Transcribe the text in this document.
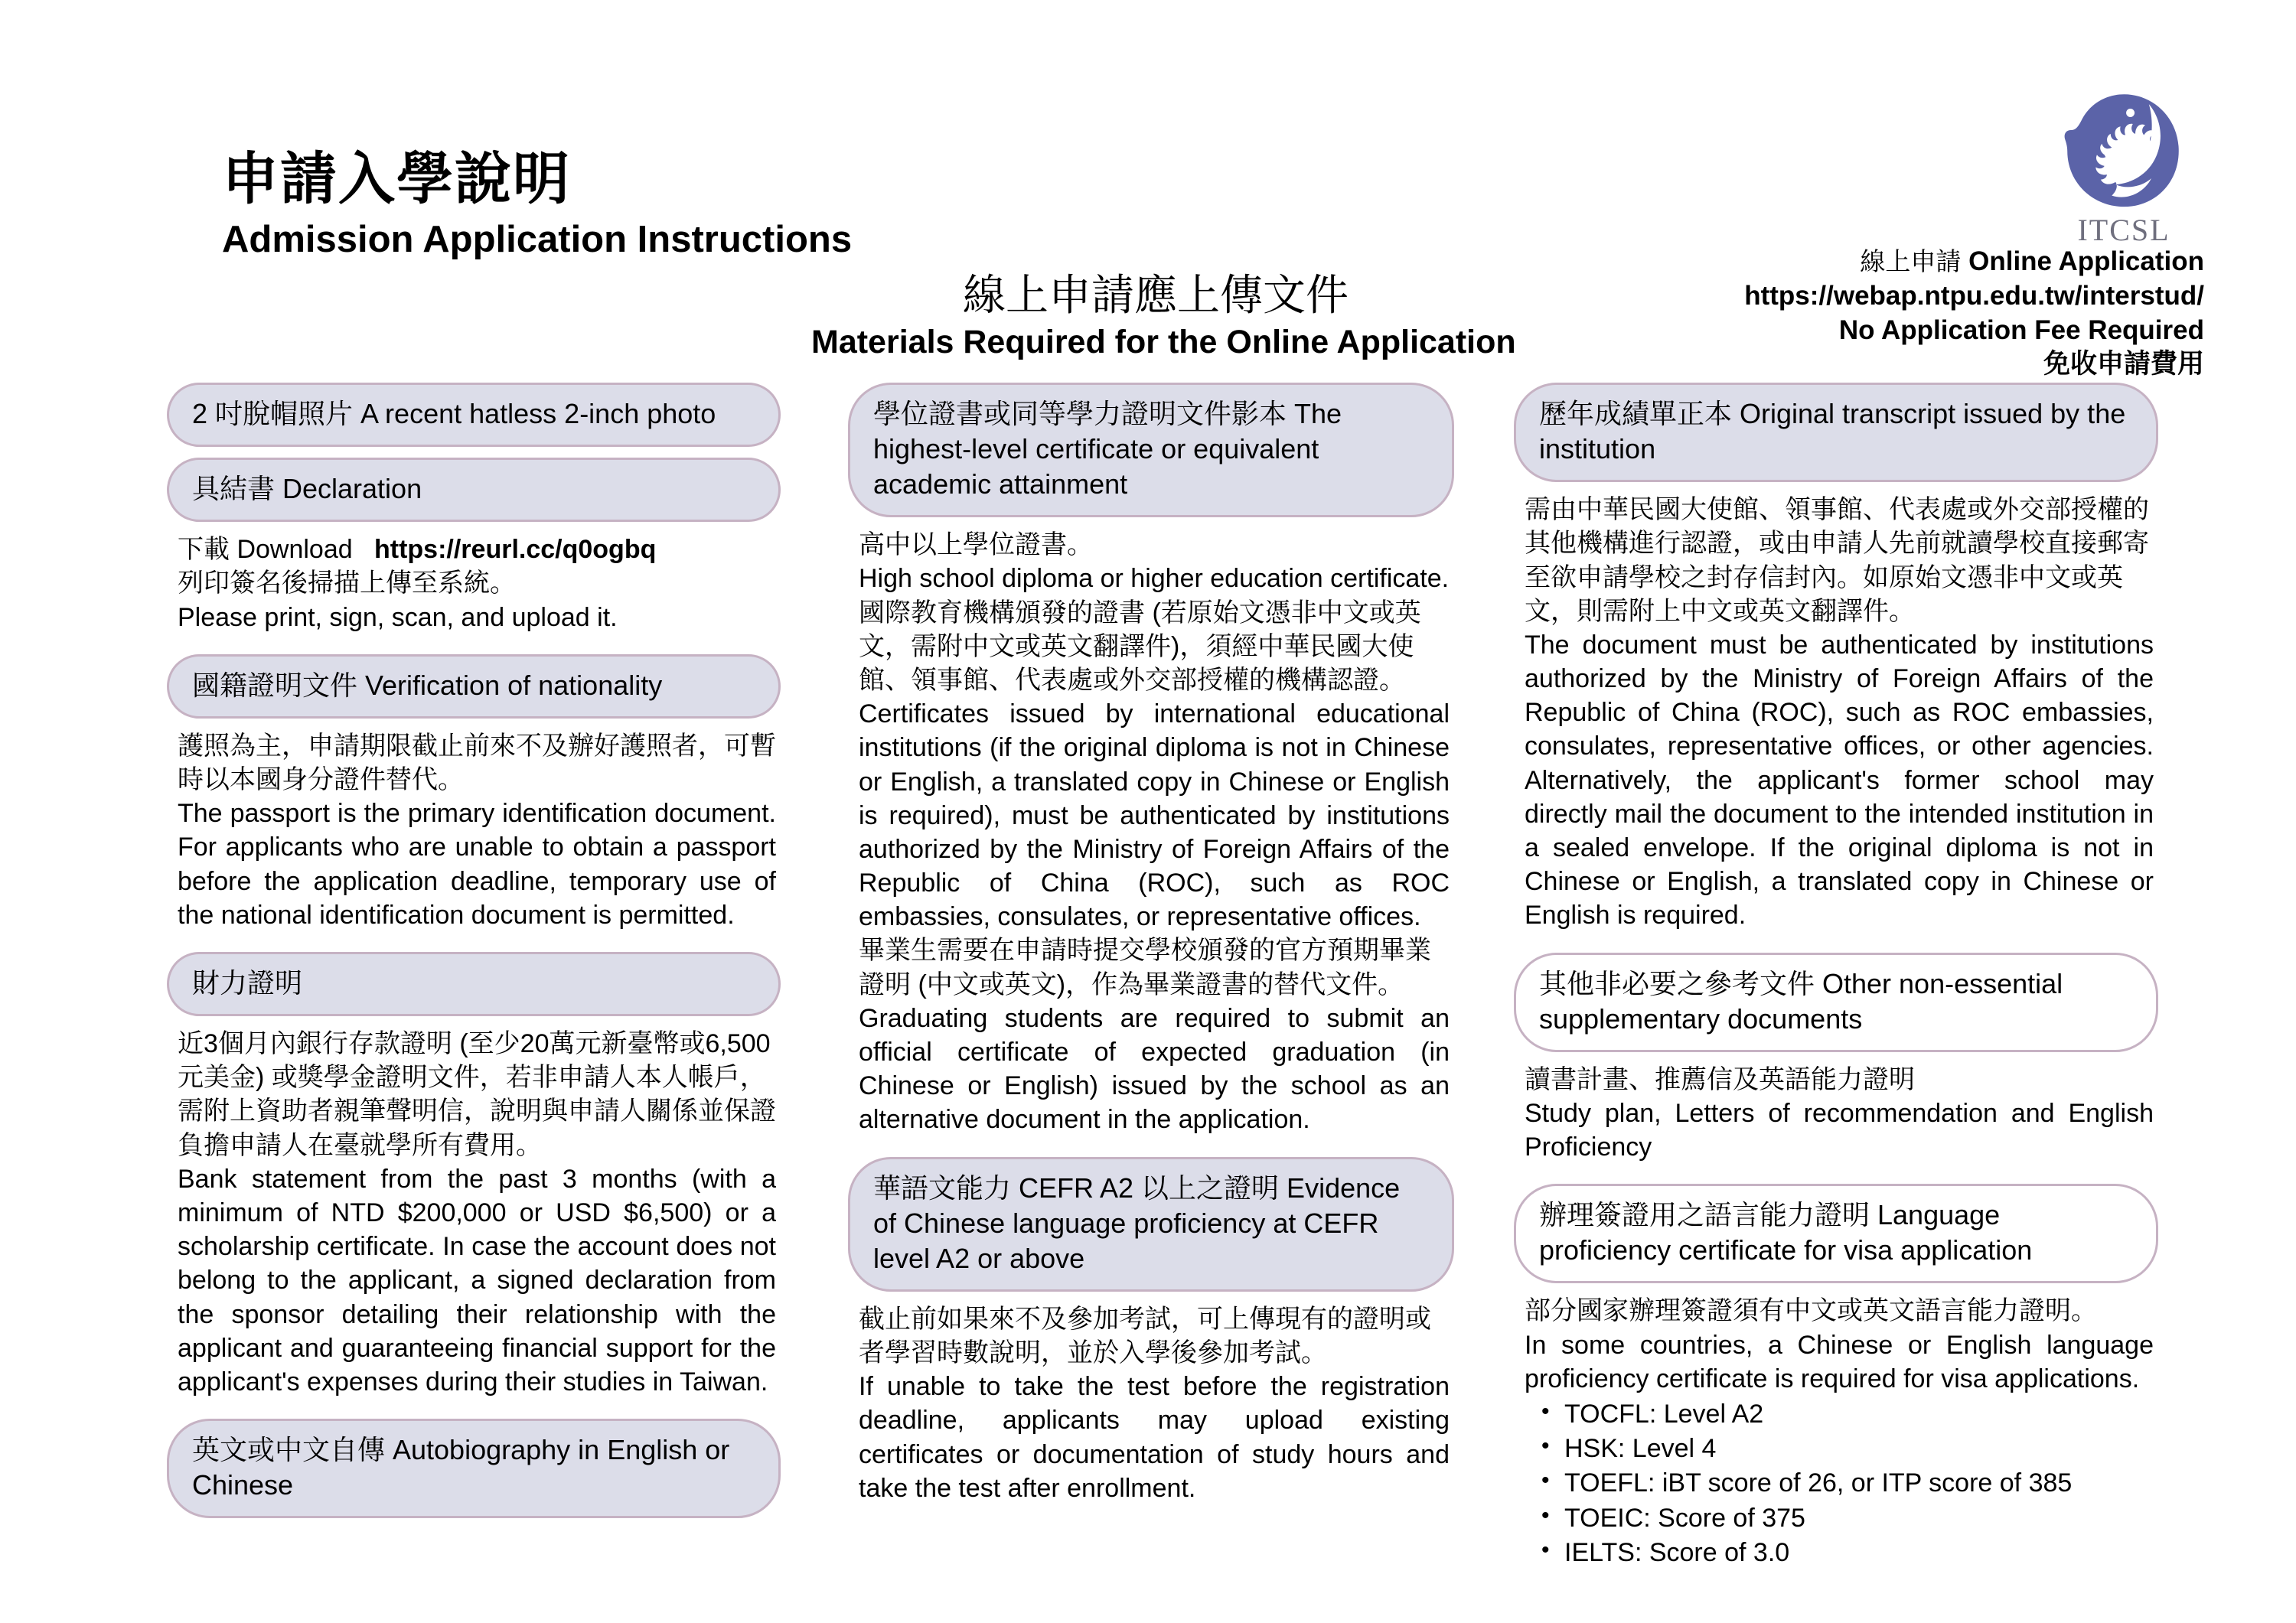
申請入學說明
Admission Application Instructions
線上申請應上傳文件
Materials Required for the Online Application
ITCSL
線上申請 Online Application
https://webap.ntpu.edu.tw/interstud/
No Application Fee Required
免收申請費用
2 吋脫帽照片 A recent hatless 2-inch photo
具結書 Declaration

下載 Download https://reurl.cc/q0ogbq

列印簽名後掃描上傳至系統。

Please print, sign, scan, and upload it.

國籍證明文件 Verification of nationality

護照為主，申請期限截止前來不及辦好護照者，可暫時以本國身分證件替代。

The passport is the primary identification document. For applicants who are unable to obtain a passport before the application deadline, temporary use of the national identification document is permitted.

財力證明

近3個月內銀行存款證明 (至少20萬元新臺幣或6,500元美金) 或獎學金證明文件，若非申請人本人帳戶，需附上資助者親筆聲明信，說明與申請人關係並保證負擔申請人在臺就學所有費用。

Bank statement from the past 3 months (with a minimum of NTD $200,000 or USD $6,500) or a scholarship certificate. In case the account does not belong to the applicant, a signed declaration from the sponsor detailing their relationship with the applicant and guaranteeing financial support for the applicant's expenses during their studies in Taiwan.

英文或中文自傳 Autobiography in English or Chinese
學位證書或同等學力證明文件影本 The highest-level certificate or equivalent academic attainment

高中以上學位證書。

High school diploma or higher education certificate.

國際教育機構頒發的證書 (若原始文憑非中文或英文，需附中文或英文翻譯件)，須經中華民國大使館、領事館、代表處或外交部授權的機構認證。

Certificates issued by international educational institutions (if the original diploma is not in Chinese or English, a translated copy in Chinese or English is required), must be authenticated by institutions authorized by the Ministry of Foreign Affairs of the Republic of China (ROC), such as ROC embassies, consulates, or representative offices.

畢業生需要在申請時提交學校頒發的官方預期畢業證明 (中文或英文)，作為畢業證書的替代文件。

Graduating students are required to submit an official certificate of expected graduation (in Chinese or English) issued by the school as an alternative document in the application.

華語文能力 CEFR A2 以上之證明 Evidence of Chinese language proficiency at CEFR level A2 or above

截止前如果來不及參加考試，可上傳現有的證明或者學習時數說明，並於入學後參加考試。

If unable to take the test before the registration deadline, applicants may upload existing certificates or documentation of study hours and take the test after enrollment.

歷年成績單正本 Original transcript issued by the institution

需由中華民國大使館、領事館、代表處或外交部授權的其他機構進行認證，或由申請人先前就讀學校直接郵寄至欲申請學校之封存信封內。如原始文憑非中文或英文，則需附上中文或英文翻譯件。

The document must be authenticated by institutions authorized by the Ministry of Foreign Affairs of the Republic of China (ROC), such as ROC embassies, consulates, representative offices, or other agencies. Alternatively, the applicant's former school may directly mail the document to the intended institution in a sealed envelope. If the original diploma is not in Chinese or English, a translated copy in Chinese or English is required.

其他非必要之參考文件 Other non-essential supplementary documents

讀書計畫、推薦信及英語能力證明

Study plan, Letters of recommendation and English Proficiency

辦理簽證用之語言能力證明 Language proficiency certificate for visa application

部分國家辦理簽證須有中文或英文語言能力證明。

In some countries, a Chinese or English language proficiency certificate is required for visa applications.

• TOCFL: Level A2
• HSK: Level 4
• TOEFL: iBT score of 26, or ITP score of 385
• TOEIC: Score of 375
• IELTS: Score of 3.0
